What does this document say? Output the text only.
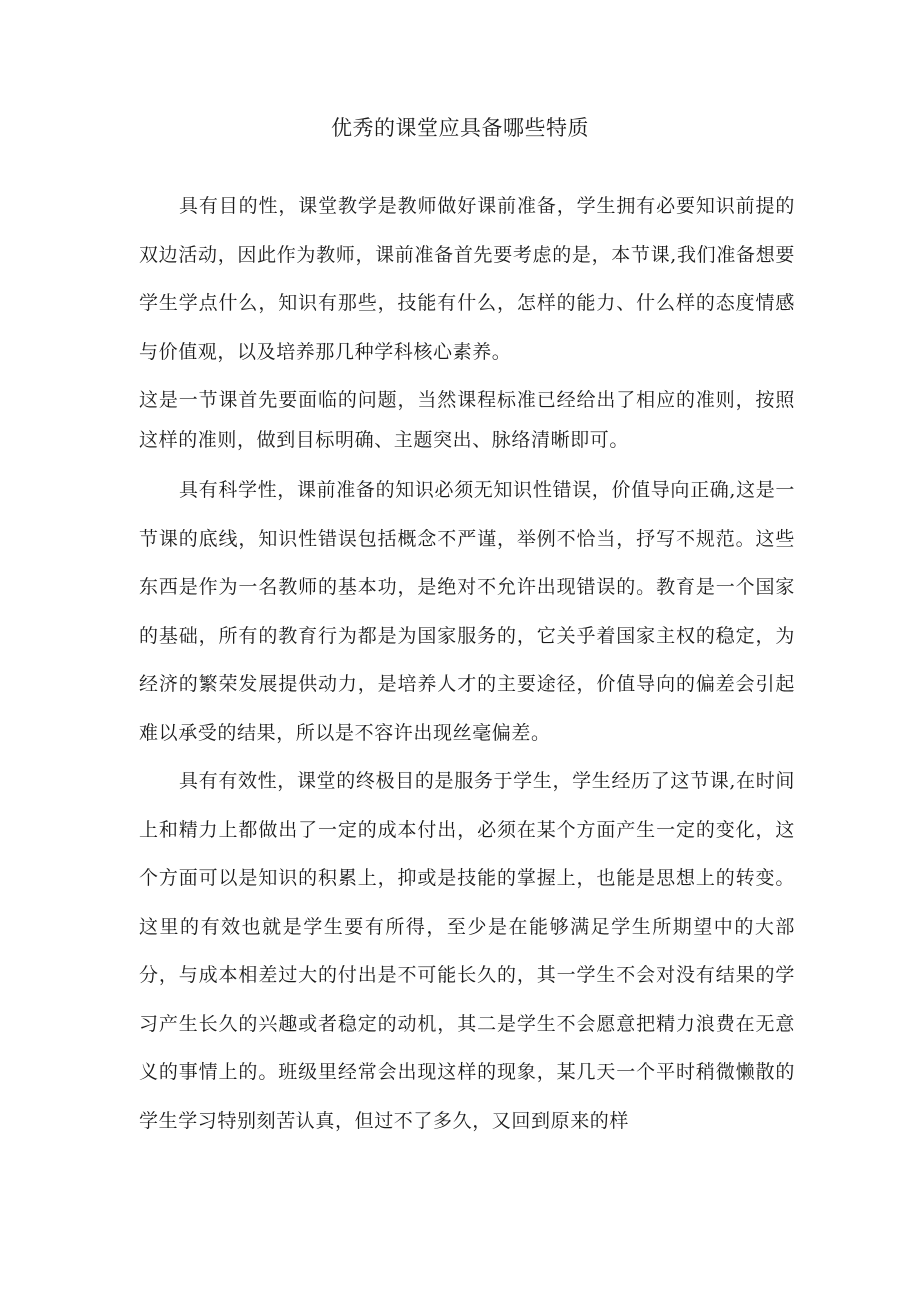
优秀的课堂应具备哪些特质

具有目的性，课堂教学是教师做好课前准备，学生拥有必要知识前提的双边活动，因此作为教师，课前准备首先要考虑的是，本节课,我们准备想要学生学点什么，知识有那些，技能有什么，怎样的能力、什么样的态度情感与价值观，以及培养那几种学科核心素养。

这是一节课首先要面临的问题，当然课程标准已经给出了相应的准则，按照这样的准则，做到目标明确、主题突出、脉络清晰即可。

具有科学性，课前准备的知识必须无知识性错误，价值导向正确,这是一节课的底线，知识性错误包括概念不严谨，举例不恰当，抒写不规范。这些东西是作为一名教师的基本功，是绝对不允许出现错误的。教育是一个国家的基础，所有的教育行为都是为国家服务的，它关乎着国家主权的稳定，为经济的繁荣发展提供动力，是培养人才的主要途径，价值导向的偏差会引起难以承受的结果，所以是不容许出现丝毫偏差。

具有有效性，课堂的终极目的是服务于学生，学生经历了这节课,在时间上和精力上都做出了一定的成本付出，必须在某个方面产生一定的变化，这个方面可以是知识的积累上，抑或是技能的掌握上，也能是思想上的转变。这里的有效也就是学生要有所得，至少是在能够满足学生所期望中的大部分，与成本相差过大的付出是不可能长久的，其一学生不会对没有结果的学习产生长久的兴趣或者稳定的动机，其二是学生不会愿意把精力浪费在无意义的事情上的。班级里经常会出现这样的现象，某几天一个平时稍微懒散的学生学习特别刻苦认真，但过不了多久，又回到原来的样
